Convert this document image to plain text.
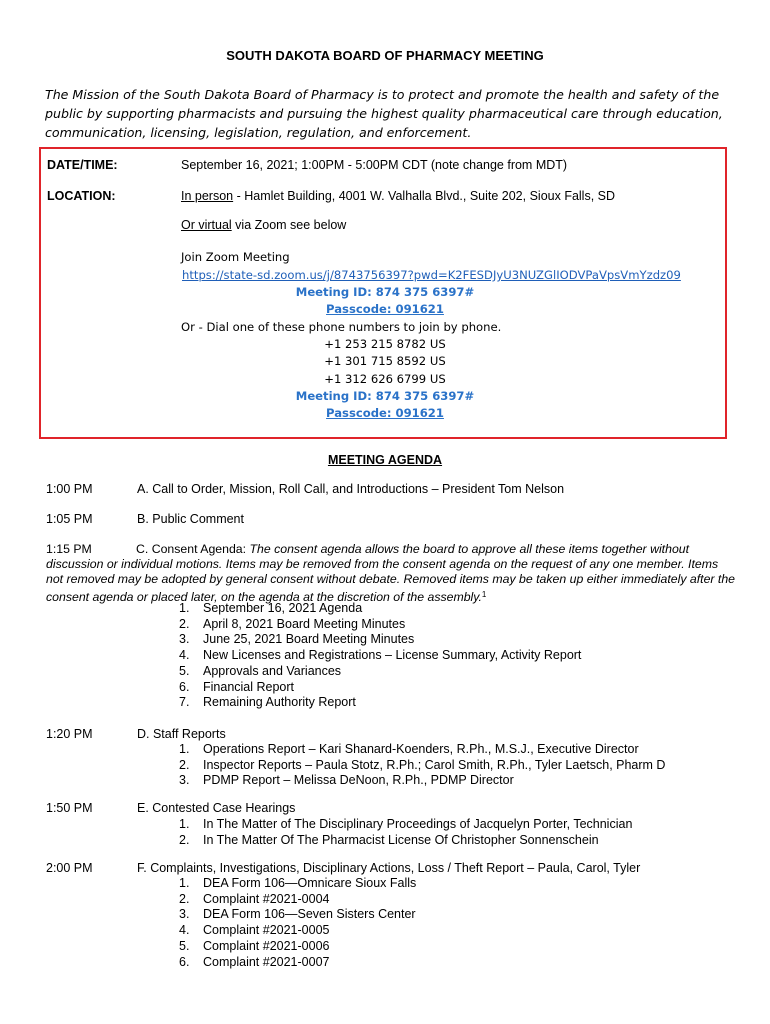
SOUTH DAKOTA BOARD OF PHARMACY MEETING
The Mission of the South Dakota Board of Pharmacy is to protect and promote the health and safety of the public by supporting pharmacists and pursuing the highest quality pharmaceutical care through education, communication, licensing, legislation, regulation, and enforcement.
DATE/TIME:	September 16, 2021; 1:00PM - 5:00PM CDT (note change from MDT)
LOCATION:	In person - Hamlet Building, 4001 W. Valhalla Blvd., Suite 202, Sioux Falls, SD
Or virtual via Zoom see below
Join Zoom Meeting
https://state-sd.zoom.us/j/8743756397?pwd=K2FESDJyU3NUZGlIODVPaVpsVmYzdz09
Meeting ID: 874 375 6397#
Passcode: 091621
Or - Dial one of these phone numbers to join by phone.
+1 253 215 8782 US
+1 301 715 8592 US
+1 312 626 6799 US
Meeting ID: 874 375 6397#
Passcode: 091621
MEETING AGENDA
1:00 PM	A. Call to Order, Mission, Roll Call, and Introductions – President Tom Nelson
1:05 PM	B. Public Comment
1:15 PM	C. Consent Agenda: The consent agenda allows the board to approve all these items together without discussion or individual motions. Items may be removed from the consent agenda on the request of any one member. Items not removed may be adopted by general consent without debate. Removed items may be taken up either immediately after the consent agenda or placed later, on the agenda at the discretion of the assembly.$^1$
1. September 16, 2021 Agenda
2. April 8, 2021 Board Meeting Minutes
3. June 25, 2021 Board Meeting Minutes
4. New Licenses and Registrations – License Summary, Activity Report
5. Approvals and Variances
6. Financial Report
7. Remaining Authority Report
1:20 PM	D. Staff Reports
1. Operations Report – Kari Shanard-Koenders, R.Ph., M.S.J., Executive Director
2. Inspector Reports – Paula Stotz, R.Ph.; Carol Smith, R.Ph., Tyler Laetsch, Pharm D
3. PDMP Report – Melissa DeNoon, R.Ph., PDMP Director
1:50 PM	E. Contested Case Hearings
1. In The Matter of The Disciplinary Proceedings of Jacquelyn Porter, Technician
2. In The Matter Of The Pharmacist License Of Christopher Sonnenschein
2:00 PM	F. Complaints, Investigations, Disciplinary Actions, Loss / Theft Report – Paula, Carol, Tyler
1. DEA Form 106—Omnicare Sioux Falls
2. Complaint #2021-0004
3. DEA Form 106—Seven Sisters Center
4. Complaint #2021-0005
5. Complaint #2021-0006
6. Complaint #2021-0007
